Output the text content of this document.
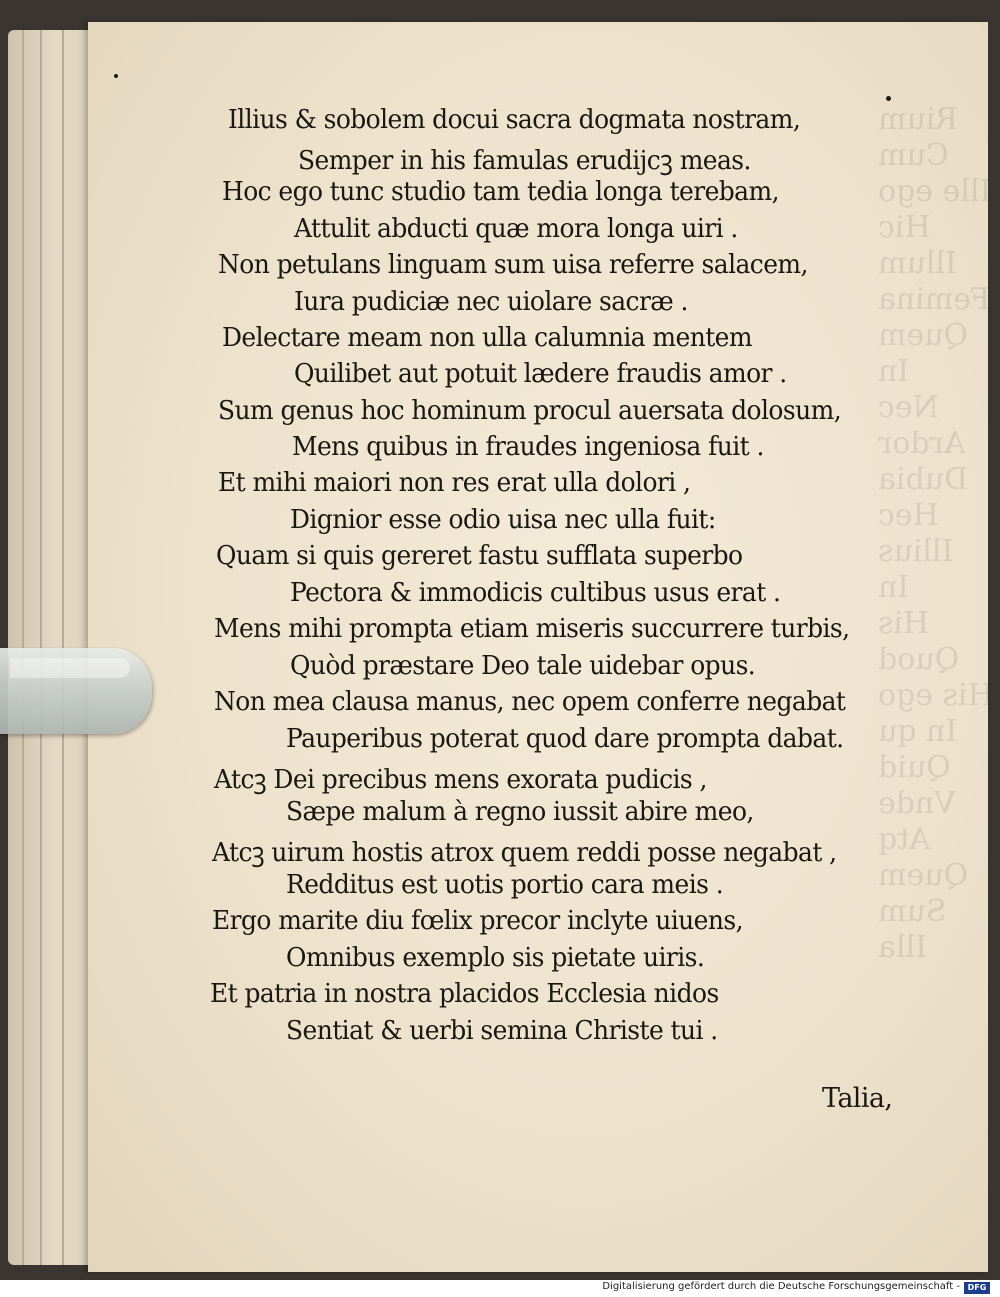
Rium
Cum
Ille ego
Hic
Illum
Femina
Quem
In
Nec
Ardor
Dubia
Hec
Illius
In
His
Quod
His ego
In qu
Quid
Vnde
Atq
Quem
Sum
Illa
Illius & sobolem docui sacra dogmata nostram,
Semper in his famulas erudijcꝫ meas.
Hoc ego tunc studio tam tedia longa terebam,
Attulit abducti quæ mora longa uiri .
Non petulans linguam sum uisa referre salacem,
Iura pudiciæ nec uiolare sacræ .
Delectare meam non ulla calumnia mentem
Quilibet aut potuit lædere fraudis amor .
Sum genus hoc hominum procul auersata dolosum,
Mens quibus in fraudes ingeniosa fuit .
Et mihi maiori non res erat ulla dolori ,
Dignior esse odio uisa nec ulla fuit:
Quam si quis gereret fastu sufflata superbo
Pectora & immodicis cultibus usus erat .
Mens mihi prompta etiam miseris succurrere turbis,
Quòd præstare Deo tale uidebar opus.
Non mea clausa manus, nec opem conferre negabat
Pauperibus poterat quod dare prompta dabat.
Atcꝫ Dei precibus mens exorata pudicis ,
Sæpe malum à regno iussit abire meo,
Atcꝫ uirum hostis atrox quem reddi posse negabat ,
Redditus est uotis portio cara meis .
Ergo marite diu fœlix precor inclyte uiuens,
Omnibus exemplo sis pietate uiris.
Et patria in nostra placidos Ecclesia nidos
Sentiat & uerbi semina Christe tui .
Talia,
Digitalisierung gefördert durch die Deutsche Forschungsgemeinschaft - DFG
